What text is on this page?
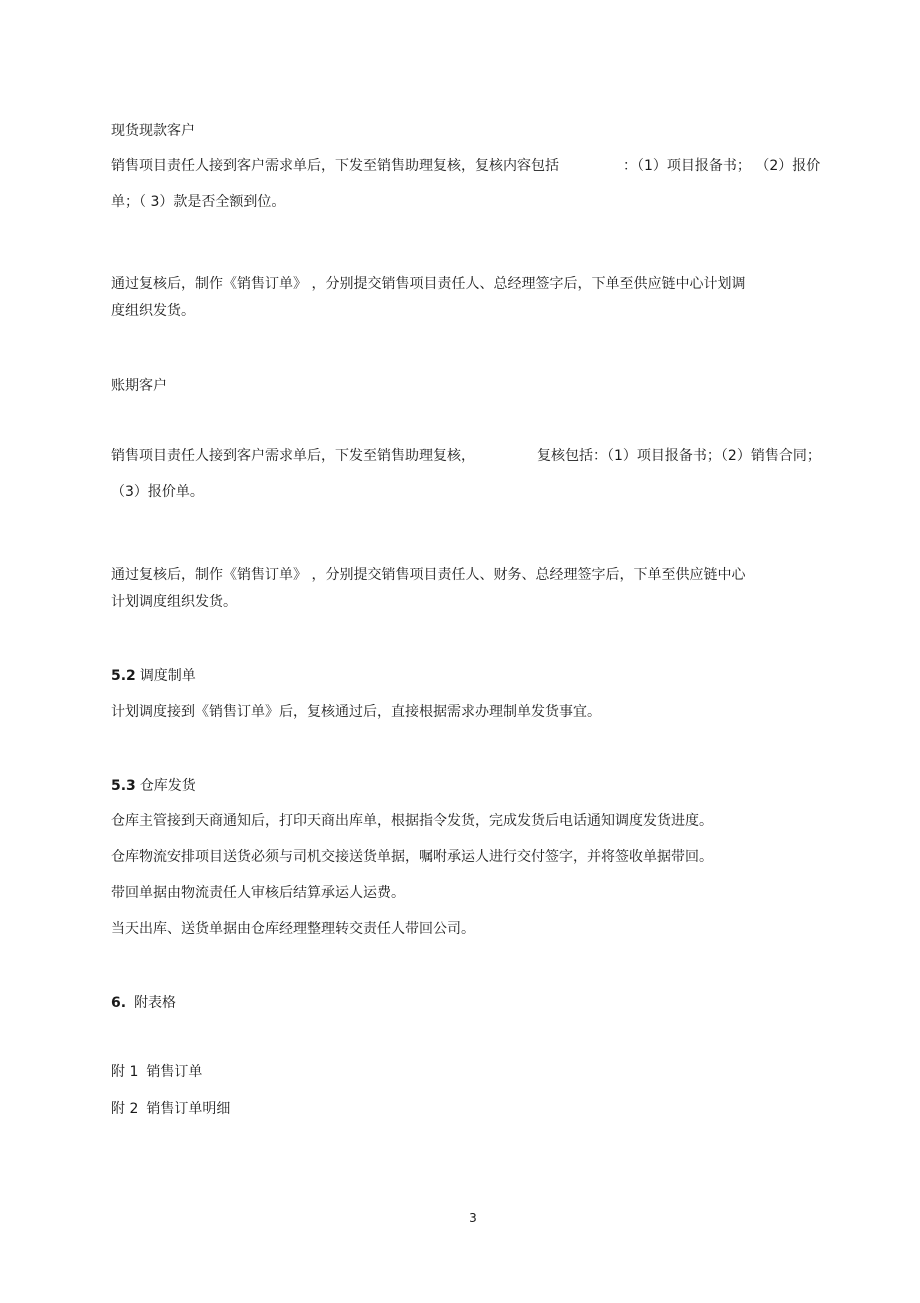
现货现款客户

销售项目责任人接到客户需求单后，下发至销售助理复核，复核内容包括	：（1）项目报备书； （2）报价

单；（ 3）款是否全额到位。

通过复核后，制作《销售订单》 ，分别提交销售项目责任人、总经理签字后，下单至供应链中心计划调

度组织发货。

账期客户

销售项目责任人接到客户需求单后，下发至销售助理复核，	复核包括：（1）项目报备书；（2）销售合同；

（3）报价单。

通过复核后，制作《销售订单》 ，分别提交销售项目责任人、财务、总经理签字后，下单至供应链中心

计划调度组织发货。

5.2 调度制单

计划调度接到《销售订单》后，复核通过后，直接根据需求办理制单发货事宜。

5.3 仓库发货

仓库主管接到天商通知后，打印天商出库单，根据指令发货，完成发货后电话通知调度发货进度。

仓库物流安排项目送货必须与司机交接送货单据，嘱咐承运人进行交付签字，并将签收单据带回。

带回单据由物流责任人审核后结算承运人运费。

当天出库、送货单据由仓库经理整理转交责任人带回公司。

6. 附表格

附 1 销售订单

附 2 销售订单明细

3
